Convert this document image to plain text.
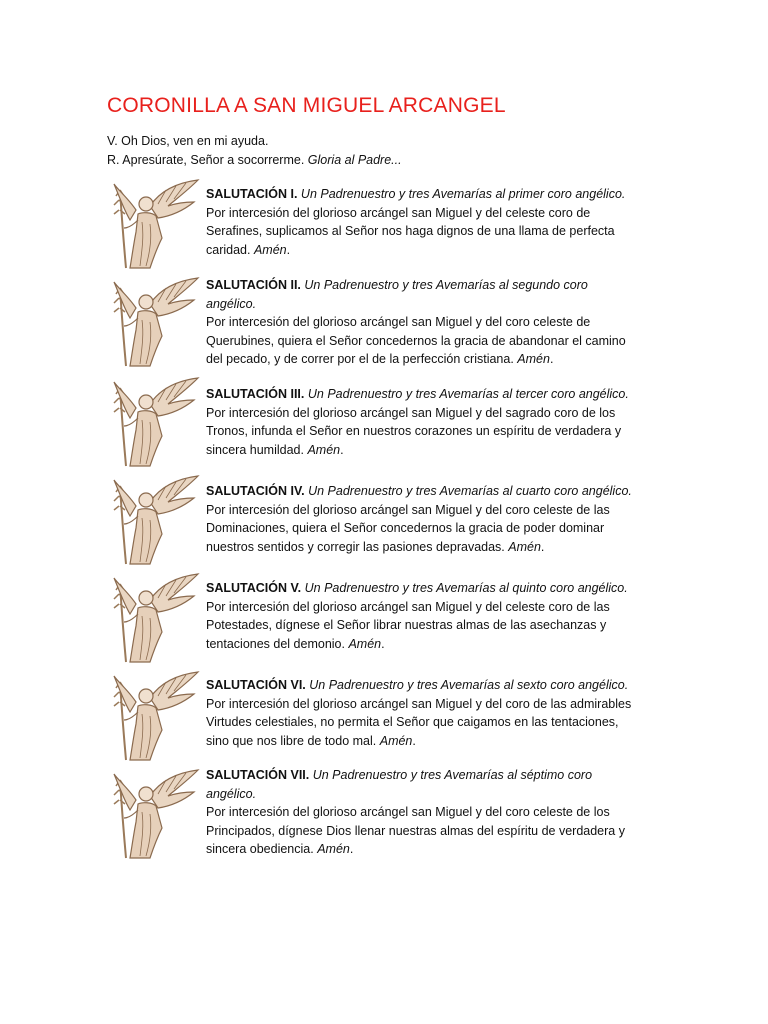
CORONILLA A SAN MIGUEL ARCANGEL

V. Oh Dios, ven en mi ayuda.

R. Apresúrate, Señor a socorrerme. Gloria al Padre...

SALUTACIÓN I. Un Padrenuestro y tres Avemarías al primer coro angélico.

Por intercesión del glorioso arcángel san Miguel y del celeste coro de Serafines, suplicamos al Señor nos haga dignos de una llama de perfecta caridad. Amén.

SALUTACIÓN II. Un Padrenuestro y tres Avemarías al segundo coro angélico.

Por intercesión del glorioso arcángel san Miguel y del coro celeste de Querubines, quiera el Señor concedernos la gracia de abandonar el camino del pecado, y de correr por el de la perfección cristiana. Amén.

SALUTACIÓN III. Un Padrenuestro y tres Avemarías al tercer coro angélico.

Por intercesión del glorioso arcángel san Miguel y del sagrado coro de los Tronos, infunda el Señor en nuestros corazones un espíritu de verdadera y sincera humildad. Amén.

SALUTACIÓN IV. Un Padrenuestro y tres Avemarías al cuarto coro angélico.

Por intercesión del glorioso arcángel san Miguel y del coro celeste de las Dominaciones, quiera el Señor concedernos la gracia de poder dominar nuestros sentidos y corregir las pasiones depravadas. Amén.

SALUTACIÓN V. Un Padrenuestro y tres Avemarías al quinto coro angélico.

Por intercesión del glorioso arcángel san Miguel y del celeste coro de las Potestades, dígnese el Señor librar nuestras almas de las asechanzas y tentaciones del demonio. Amén.

SALUTACIÓN VI. Un Padrenuestro y tres Avemarías al sexto coro angélico.

Por intercesión del glorioso arcángel san Miguel y del coro de las admirables Virtudes celestiales, no permita el Señor que caigamos en las tentaciones, sino que nos libre de todo mal. Amén.

SALUTACIÓN VII. Un Padrenuestro y tres Avemarías al séptimo coro angélico.

Por intercesión del glorioso arcángel san Miguel y del coro celeste de los Principados, dígnese Dios llenar nuestras almas del espíritu de verdadera y sincera obediencia. Amén.
